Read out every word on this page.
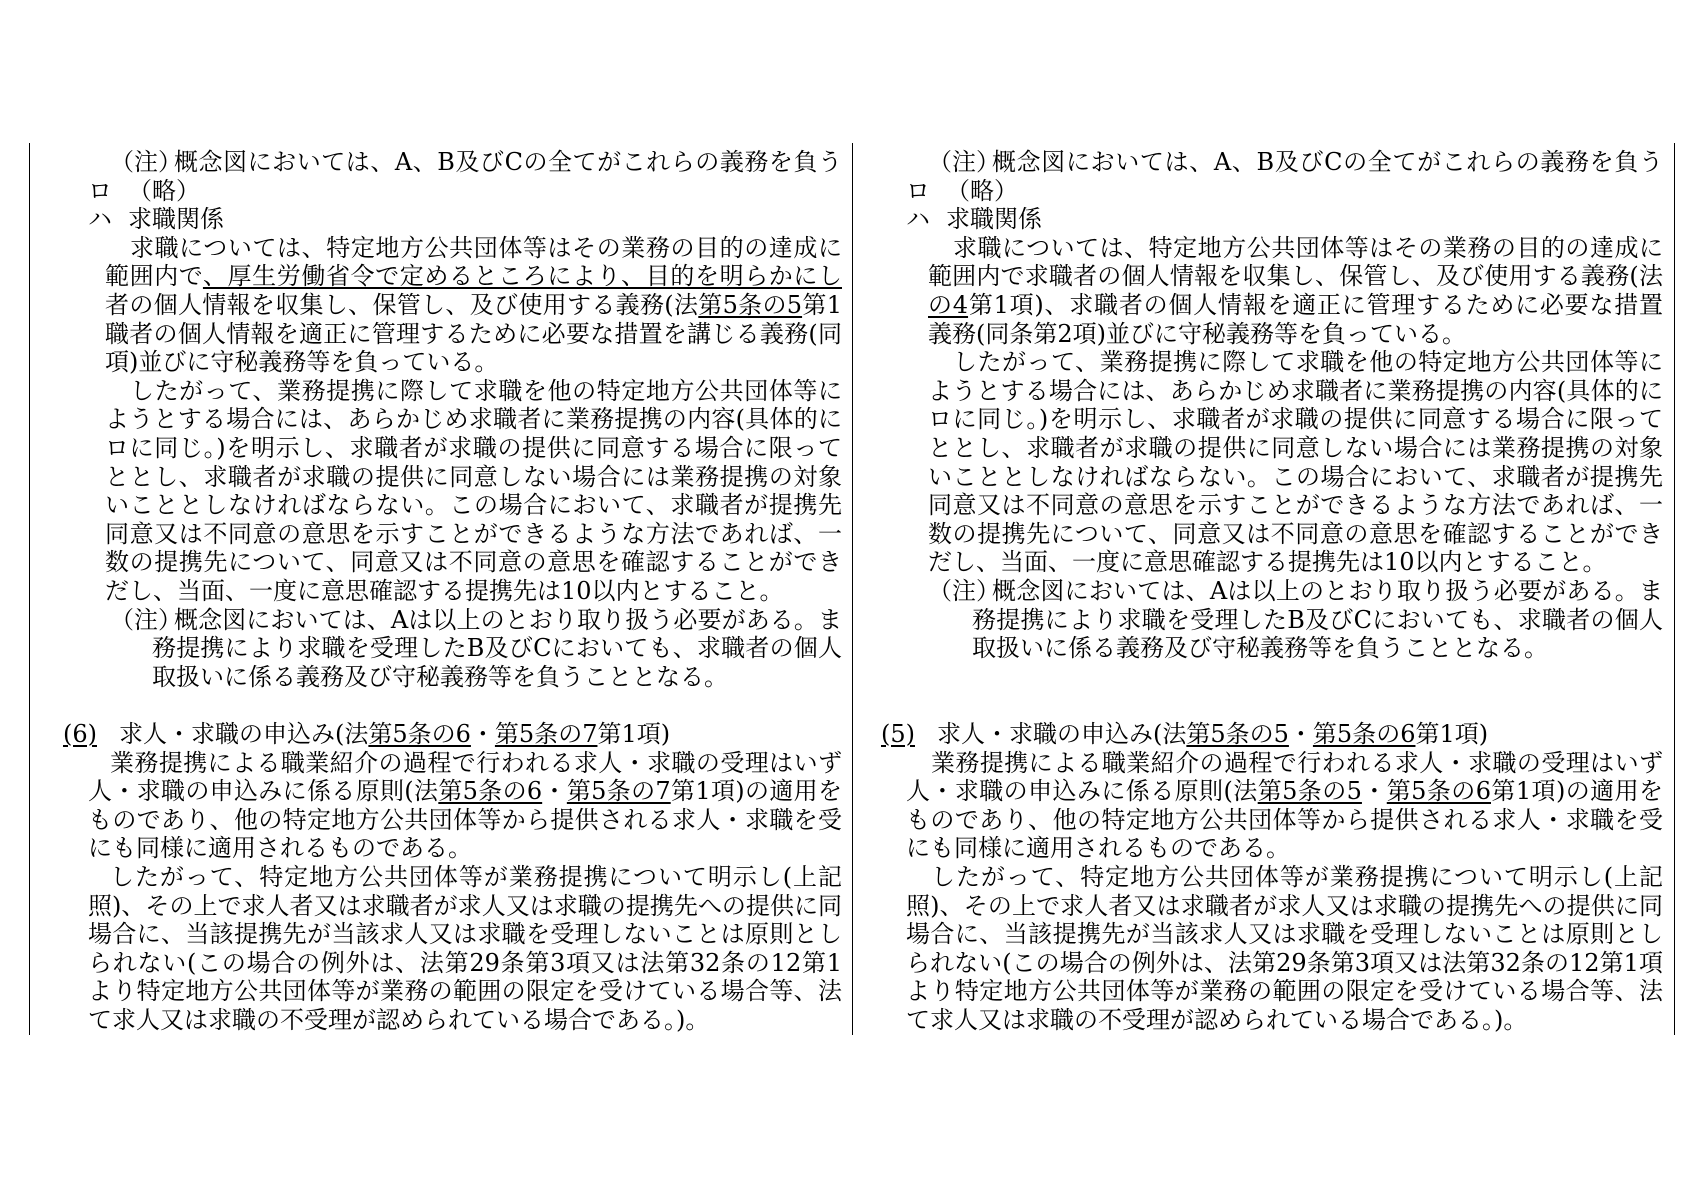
（注）
概念図においては、A、B及びCの全てがこれらの義務を負う
ロ （略）
ハ 求職関係
求職については、特定地方公共団体等はその業務の目的の達成に
範囲内で、厚生労働省令で定めるところにより、目的を明らかにし
者の個人情報を収集し、保管し、及び使用する義務(法第5条の5第1
職者の個人情報を適正に管理するために必要な措置を講じる義務(同
項)並びに守秘義務等を負っている。
したがって、業務提携に際して求職を他の特定地方公共団体等に
ようとする場合には、あらかじめ求職者に業務提携の内容(具体的に
ロに同じ。)を明示し、求職者が求職の提供に同意する場合に限って
ととし、求職者が求職の提供に同意しない場合には業務提携の対象
いこととしなければならない。この場合において、求職者が提携先
同意又は不同意の意思を示すことができるような方法であれば、一
数の提携先について、同意又は不同意の意思を確認することができ
だし、当面、一度に意思確認する提携先は10以内とすること。
（注）
概念図においては、Aは以上のとおり取り扱う必要がある。ま
務提携により求職を受理したB及びCにおいても、求職者の個人
取扱いに係る義務及び守秘義務等を負うこととなる。
(6) 求人・求職の申込み(法第5条の6・第5条の7第1項)
業務提携による職業紹介の過程で行われる求人・求職の受理はいず
人・求職の申込みに係る原則(法第5条の6・第5条の7第1項)の適用を
ものであり、他の特定地方公共団体等から提供される求人・求職を受
にも同様に適用されるものである。
したがって、特定地方公共団体等が業務提携について明示し(上記
照)、その上で求人者又は求職者が求人又は求職の提携先への提供に同
場合に、当該提携先が当該求人又は求職を受理しないことは原則とし
られない(この場合の例外は、法第29条第3項又は法第32条の12第1
より特定地方公共団体等が業務の範囲の限定を受けている場合等、法
て求人又は求職の不受理が認められている場合である。)。
（注）
概念図においては、A、B及びCの全てがこれらの義務を負う
ロ （略）
ハ 求職関係
求職については、特定地方公共団体等はその業務の目的の達成に
範囲内で求職者の個人情報を収集し、保管し、及び使用する義務(法
の4第1項)、求職者の個人情報を適正に管理するために必要な措置
義務(同条第2項)並びに守秘義務等を負っている。
したがって、業務提携に際して求職を他の特定地方公共団体等に
ようとする場合には、あらかじめ求職者に業務提携の内容(具体的に
ロに同じ。)を明示し、求職者が求職の提供に同意する場合に限って
ととし、求職者が求職の提供に同意しない場合には業務提携の対象
いこととしなければならない。この場合において、求職者が提携先
同意又は不同意の意思を示すことができるような方法であれば、一
数の提携先について、同意又は不同意の意思を確認することができ
だし、当面、一度に意思確認する提携先は10以内とすること。
（注）
概念図においては、Aは以上のとおり取り扱う必要がある。ま
務提携により求職を受理したB及びCにおいても、求職者の個人
取扱いに係る義務及び守秘義務等を負うこととなる。
(5) 求人・求職の申込み(法第5条の5・第5条の6第1項)
業務提携による職業紹介の過程で行われる求人・求職の受理はいず
人・求職の申込みに係る原則(法第5条の5・第5条の6第1項)の適用を
ものであり、他の特定地方公共団体等から提供される求人・求職を受
にも同様に適用されるものである。
したがって、特定地方公共団体等が業務提携について明示し(上記
照)、その上で求人者又は求職者が求人又は求職の提携先への提供に同
場合に、当該提携先が当該求人又は求職を受理しないことは原則とし
られない(この場合の例外は、法第29条第3項又は法第32条の12第1項
より特定地方公共団体等が業務の範囲の限定を受けている場合等、法
て求人又は求職の不受理が認められている場合である。)。
